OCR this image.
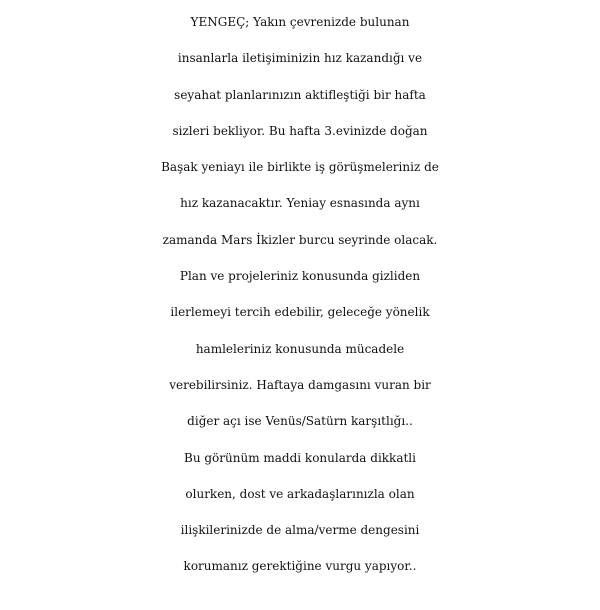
YENGEÇ; Yakın çevrenizde bulunan
insanlarla iletişiminizin hız kazandığı ve
seyahat planlarınızın aktifleştiği bir hafta
sizleri bekliyor. Bu hafta 3.evinizde doğan
Başak yeniayı ile birlikte iş görüşmeleriniz de
hız kazanacaktır. Yeniay esnasında aynı
zamanda Mars İkizler burcu seyrinde olacak.
Plan ve projeleriniz konusunda gizliden
ilerlemeyi tercih edebilir, geleceğe yönelik
hamleleriniz konusunda mücadele
verebilirsiniz. Haftaya damgasını vuran bir
diğer açı ise Venüs/Satürn karşıtlığı..
Bu görünüm maddi konularda dikkatli
olurken, dost ve arkadaşlarınızla olan
ilişkilerinizde de alma/verme dengesini
korumanız gerektiğine vurgu yapıyor..
